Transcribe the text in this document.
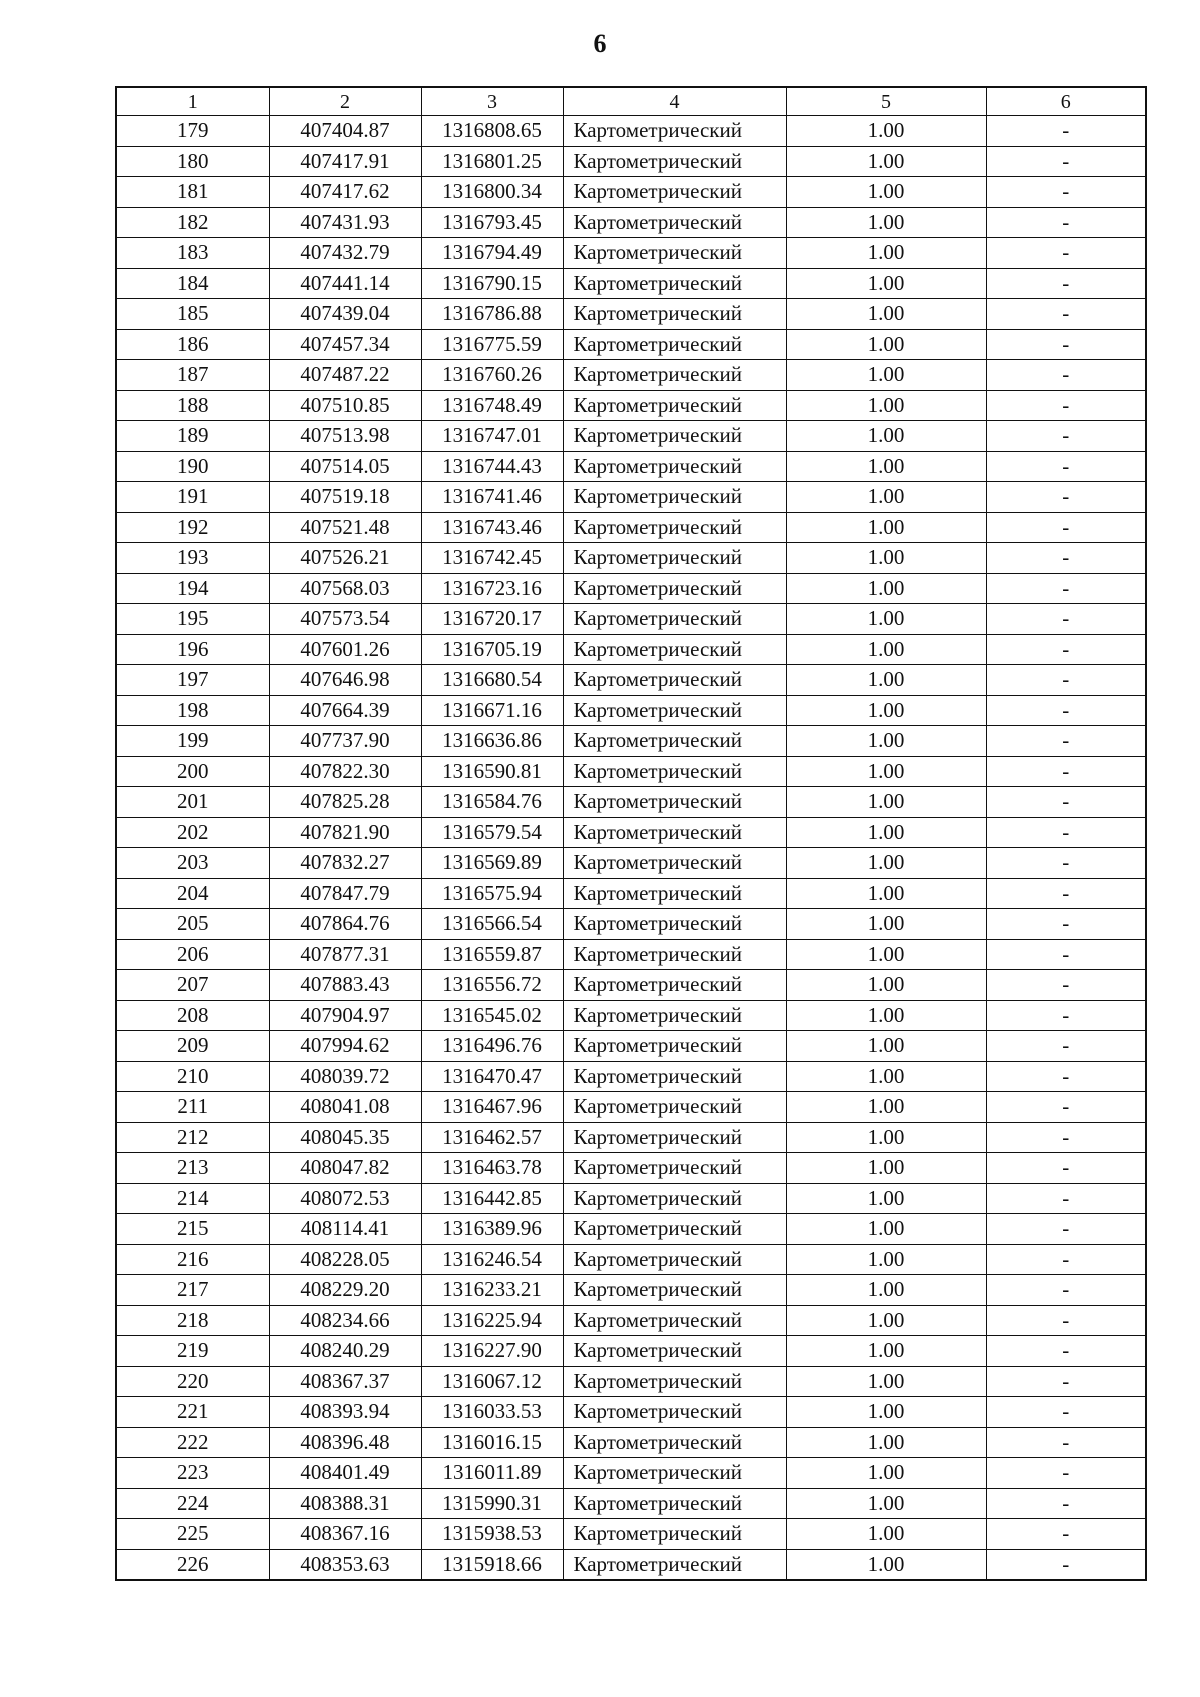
6
1	2	3	4	5	6
179	407404.87	1316808.65	Картометрический	1.00	-
180	407417.91	1316801.25	Картометрический	1.00	-
181	407417.62	1316800.34	Картометрический	1.00	-
182	407431.93	1316793.45	Картометрический	1.00	-
183	407432.79	1316794.49	Картометрический	1.00	-
184	407441.14	1316790.15	Картометрический	1.00	-
185	407439.04	1316786.88	Картометрический	1.00	-
186	407457.34	1316775.59	Картометрический	1.00	-
187	407487.22	1316760.26	Картометрический	1.00	-
188	407510.85	1316748.49	Картометрический	1.00	-
189	407513.98	1316747.01	Картометрический	1.00	-
190	407514.05	1316744.43	Картометрический	1.00	-
191	407519.18	1316741.46	Картометрический	1.00	-
192	407521.48	1316743.46	Картометрический	1.00	-
193	407526.21	1316742.45	Картометрический	1.00	-
194	407568.03	1316723.16	Картометрический	1.00	-
195	407573.54	1316720.17	Картометрический	1.00	-
196	407601.26	1316705.19	Картометрический	1.00	-
197	407646.98	1316680.54	Картометрический	1.00	-
198	407664.39	1316671.16	Картометрический	1.00	-
199	407737.90	1316636.86	Картометрический	1.00	-
200	407822.30	1316590.81	Картометрический	1.00	-
201	407825.28	1316584.76	Картометрический	1.00	-
202	407821.90	1316579.54	Картометрический	1.00	-
203	407832.27	1316569.89	Картометрический	1.00	-
204	407847.79	1316575.94	Картометрический	1.00	-
205	407864.76	1316566.54	Картометрический	1.00	-
206	407877.31	1316559.87	Картометрический	1.00	-
207	407883.43	1316556.72	Картометрический	1.00	-
208	407904.97	1316545.02	Картометрический	1.00	-
209	407994.62	1316496.76	Картометрический	1.00	-
210	408039.72	1316470.47	Картометрический	1.00	-
211	408041.08	1316467.96	Картометрический	1.00	-
212	408045.35	1316462.57	Картометрический	1.00	-
213	408047.82	1316463.78	Картометрический	1.00	-
214	408072.53	1316442.85	Картометрический	1.00	-
215	408114.41	1316389.96	Картометрический	1.00	-
216	408228.05	1316246.54	Картометрический	1.00	-
217	408229.20	1316233.21	Картометрический	1.00	-
218	408234.66	1316225.94	Картометрический	1.00	-
219	408240.29	1316227.90	Картометрический	1.00	-
220	408367.37	1316067.12	Картометрический	1.00	-
221	408393.94	1316033.53	Картометрический	1.00	-
222	408396.48	1316016.15	Картометрический	1.00	-
223	408401.49	1316011.89	Картометрический	1.00	-
224	408388.31	1315990.31	Картометрический	1.00	-
225	408367.16	1315938.53	Картометрический	1.00	-
226	408353.63	1315918.66	Картометрический	1.00	-
